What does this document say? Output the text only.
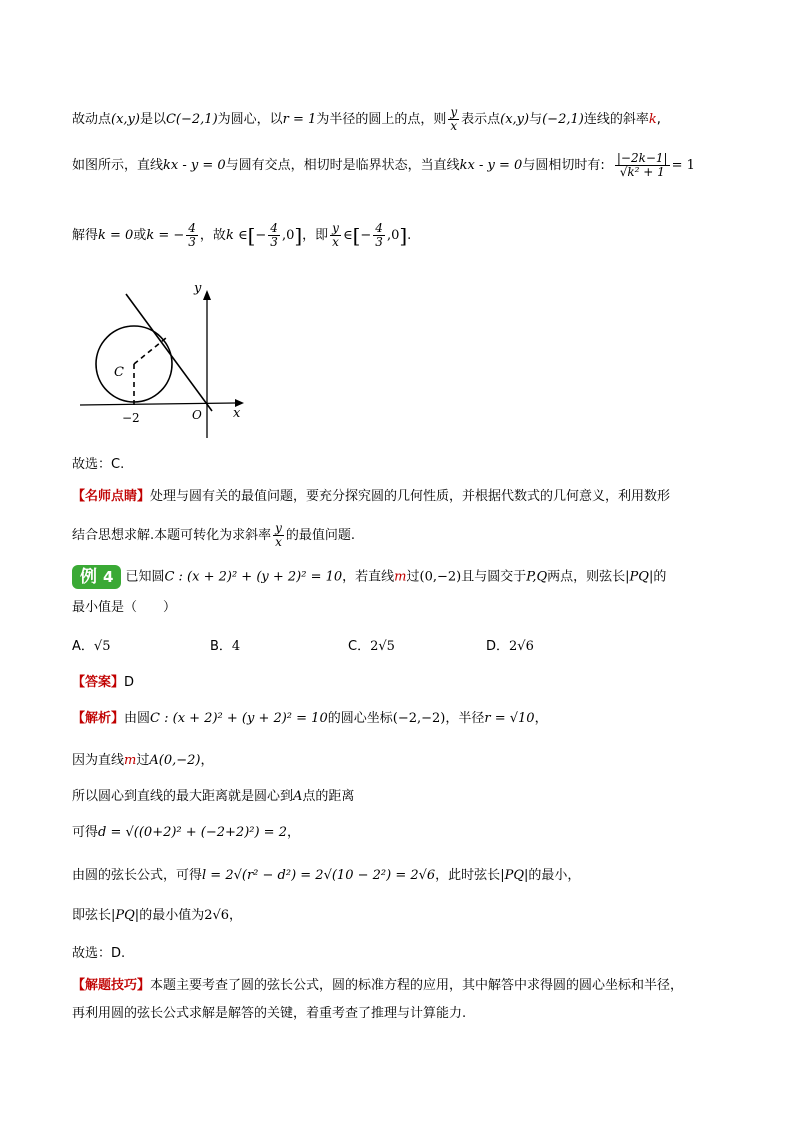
故动点(x,y)是以C(−2,1)为圆心，以r = 1为半径的圆上的点，则 $\frac{y}{x}$ 表示点(x,y)与(−2,1)连线的斜率k,
如图所示，直线kx - y = 0与圆有交点，相切时是临界状态，当直线kx - y = 0与圆相切时有: $\frac{|-2k-1|}{\text{√k² + 1}} = 1$
解得k = 0或k = − $\frac{4}{3}$ ，故k ∈[− $\frac{4}{3} ,0$]，即 $\frac{y}{x}$ ∈[− $\frac{4}{3} ,0$].
y
x
C
O
−2
故选：C.
【名师点睛】处理与圆有关的最值问题，要充分探究圆的几何性质，并根据代数式的几何意义，利用数形
结合思想求解.本题可转化为求斜率 $\frac{y}{x}$ 的最值问题.
例 4 已知圆C : (x + 2)² + (y + 2)² = 10，若直线m过(0,−2)且与圆交于P,Q两点，则弦长|PQ|的
最小值是（　　）
A．√5	B．4	C．2√5	D．2√6
【答案】D
【解析】由圆C : (x + 2)² + (y + 2)² = 10的圆心坐标(−2,−2)，半径r = √10，
因为直线m过A(0,−2)，
所以圆心到直线的最大距离就是圆心到A点的距离
可得d = √((0+2)² + (−2+2)²) = 2，
由圆的弦长公式，可得l = 2√(r² − d²) = 2√(10 − 2²) = 2√6，此时弦长|PQ|的最小，
即弦长|PQ|的最小值为2√6，
故选：D.
【解题技巧】本题主要考查了圆的弦长公式，圆的标准方程的应用，其中解答中求得圆的圆心坐标和半径，
再利用圆的弦长公式求解是解答的关键，着重考查了推理与计算能力.
